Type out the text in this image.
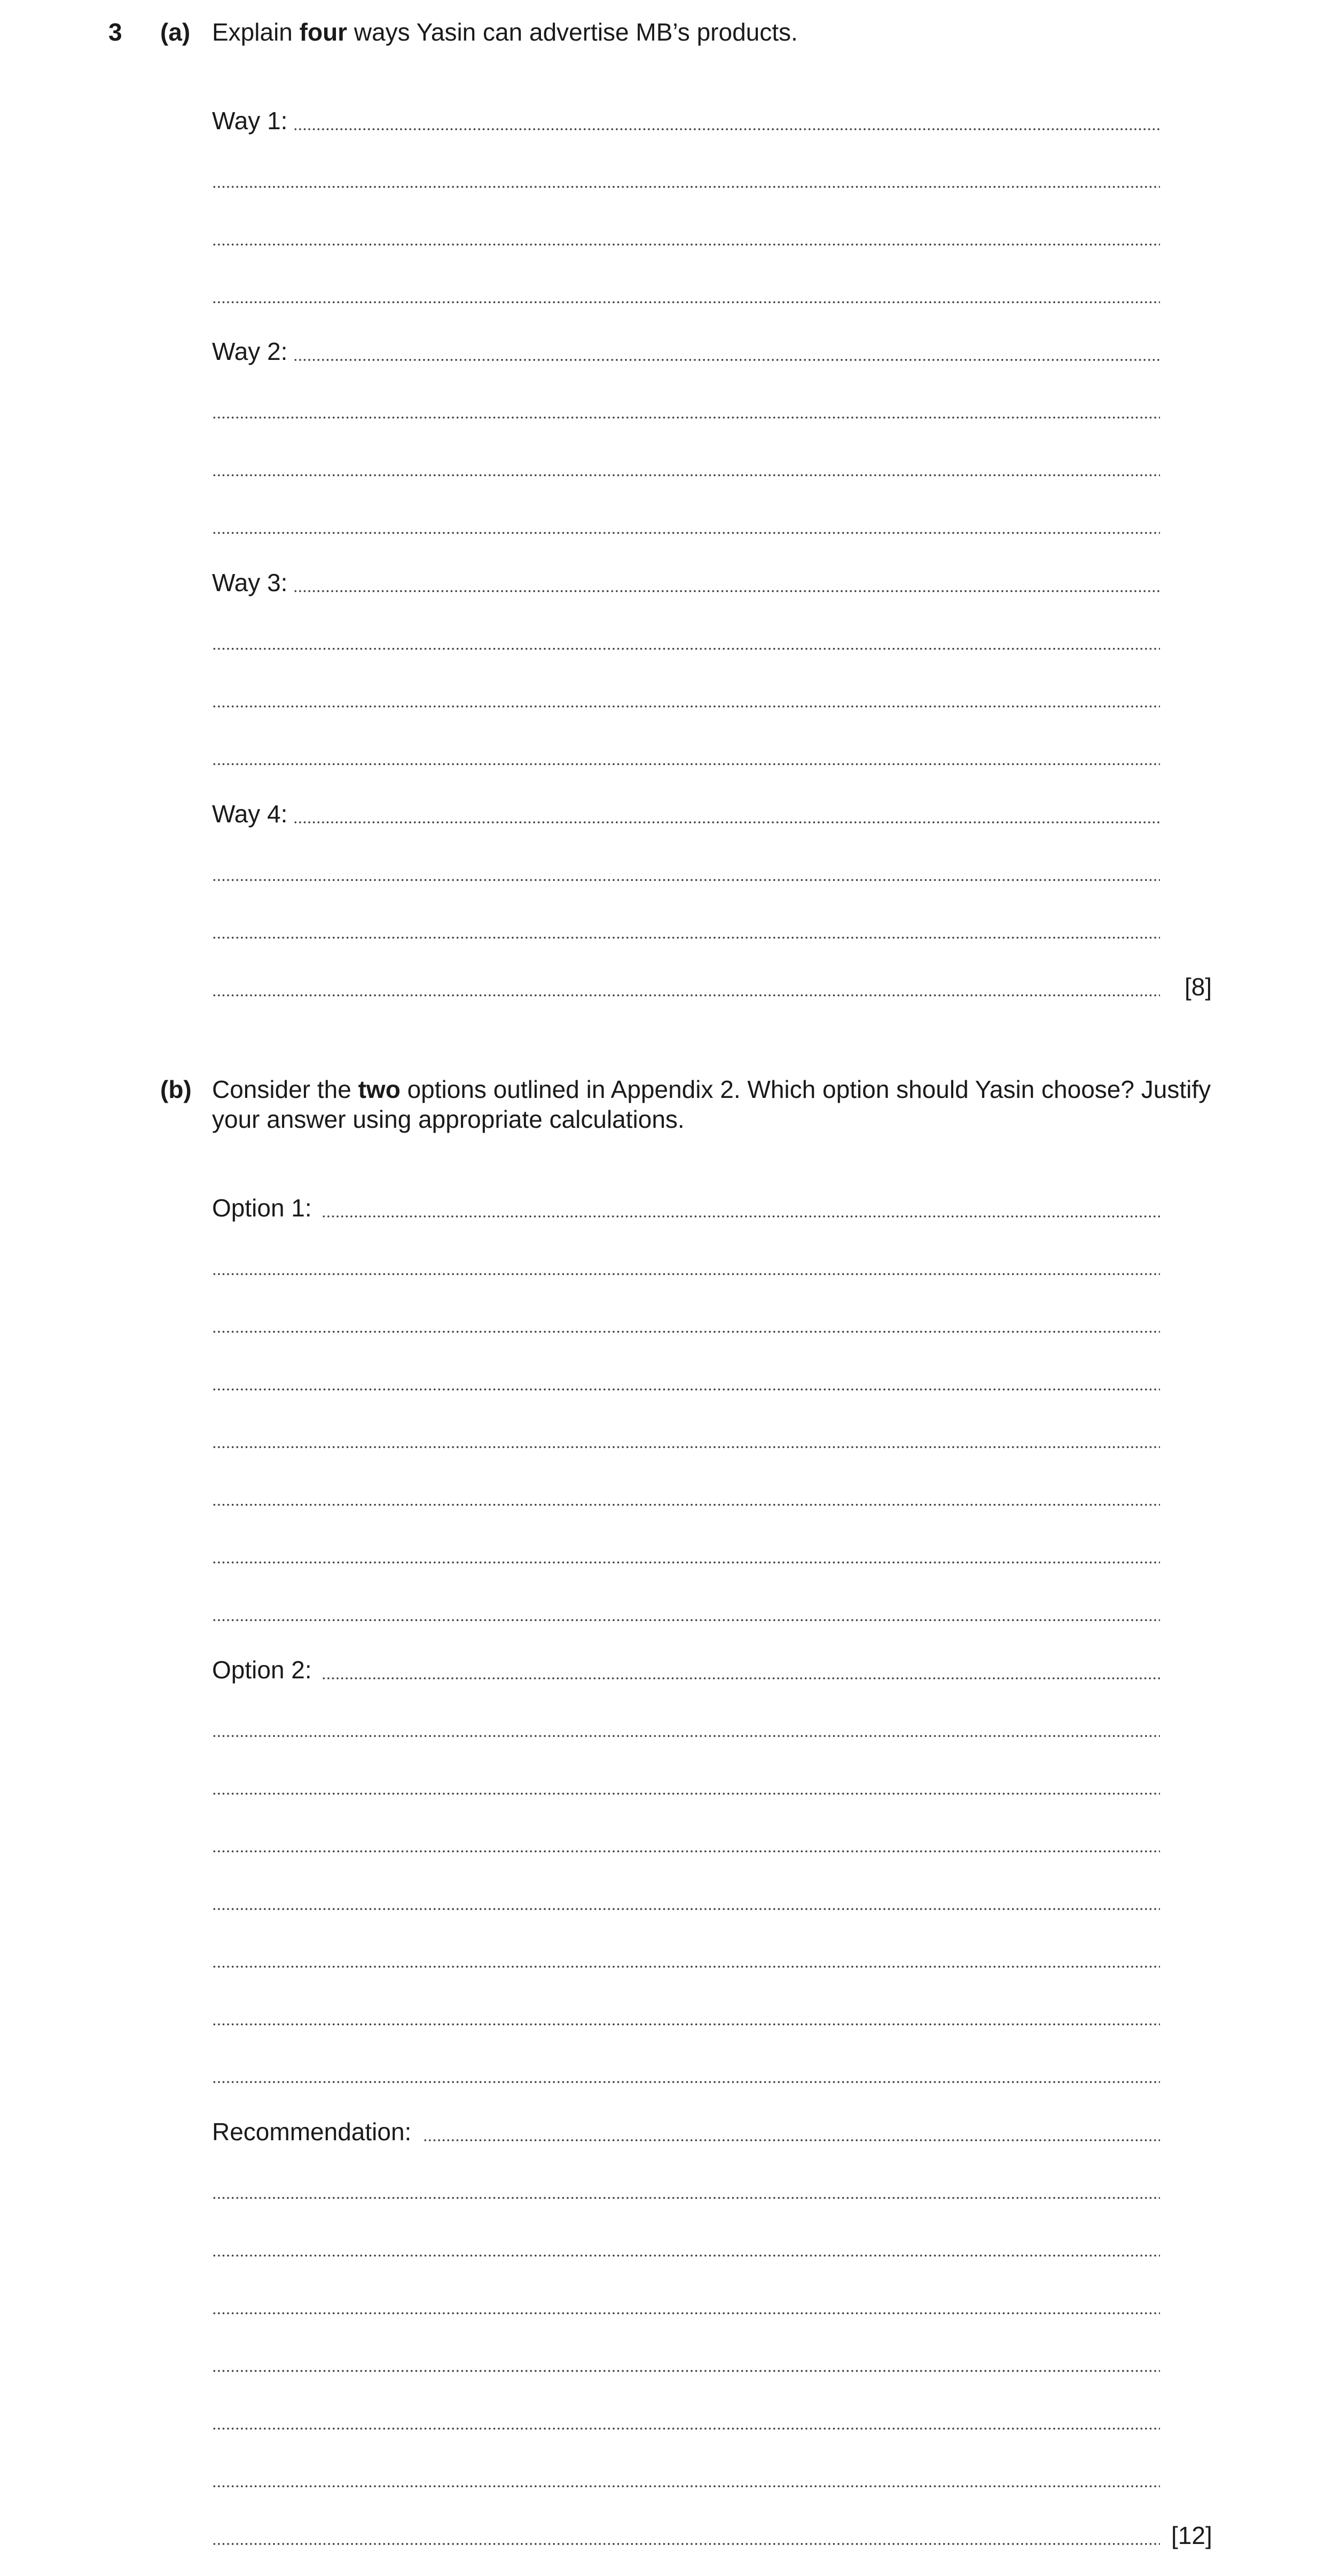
3 (a) Explain four ways Yasin can advertise MB’s products.
Way 1:
Way 2:
Way 3:
Way 4:
[8]
(b) Consider the two options outlined in Appendix 2. Which option should Yasin choose? Justify
your answer using appropriate calculations.
Option 1:
Option 2:
Recommendation:
[12]
